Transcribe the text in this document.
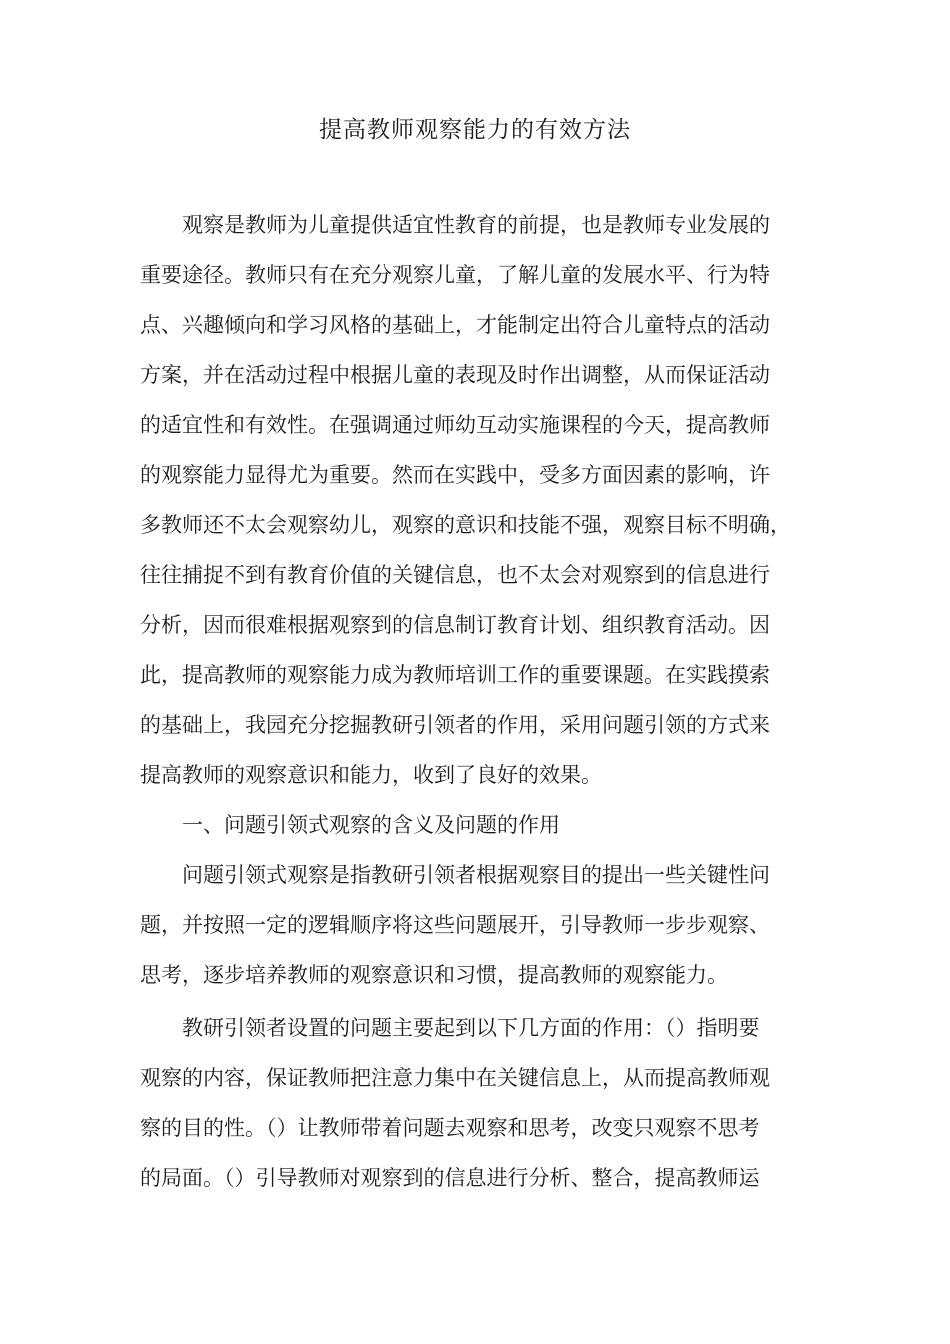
提高教师观察能力的有效方法
观察是教师为儿童提供适宜性教育的前提，也是教师专业发展的
重要途径。教师只有在充分观察儿童，了解儿童的发展水平、行为特
点、兴趣倾向和学习风格的基础上，才能制定出符合儿童特点的活动
方案，并在活动过程中根据儿童的表现及时作出调整，从而保证活动
的适宜性和有效性。在强调通过师幼互动实施课程的今天，提高教师
的观察能力显得尤为重要。然而在实践中，受多方面因素的影响，许
多教师还不太会观察幼儿，观察的意识和技能不强，观察目标不明确，
往往捕捉不到有教育价值的关键信息，也不太会对观察到的信息进行
分析，因而很难根据观察到的信息制订教育计划、组织教育活动。因
此，提高教师的观察能力成为教师培训工作的重要课题。在实践摸索
的基础上，我园充分挖掘教研引领者的作用，采用问题引领的方式来
提高教师的观察意识和能力，收到了良好的效果。
一、问题引领式观察的含义及问题的作用
问题引领式观察是指教研引领者根据观察目的提出一些关键性问
题，并按照一定的逻辑顺序将这些问题展开，引导教师一步步观察、
思考，逐步培养教师的观察意识和习惯，提高教师的观察能力。
教研引领者设置的问题主要起到以下几方面的作用：（）指明要
观察的内容，保证教师把注意力集中在关键信息上，从而提高教师观
察的目的性。（）让教师带着问题去观察和思考，改变只观察不思考
的局面。（）引导教师对观察到的信息进行分析、整合，提高教师运
